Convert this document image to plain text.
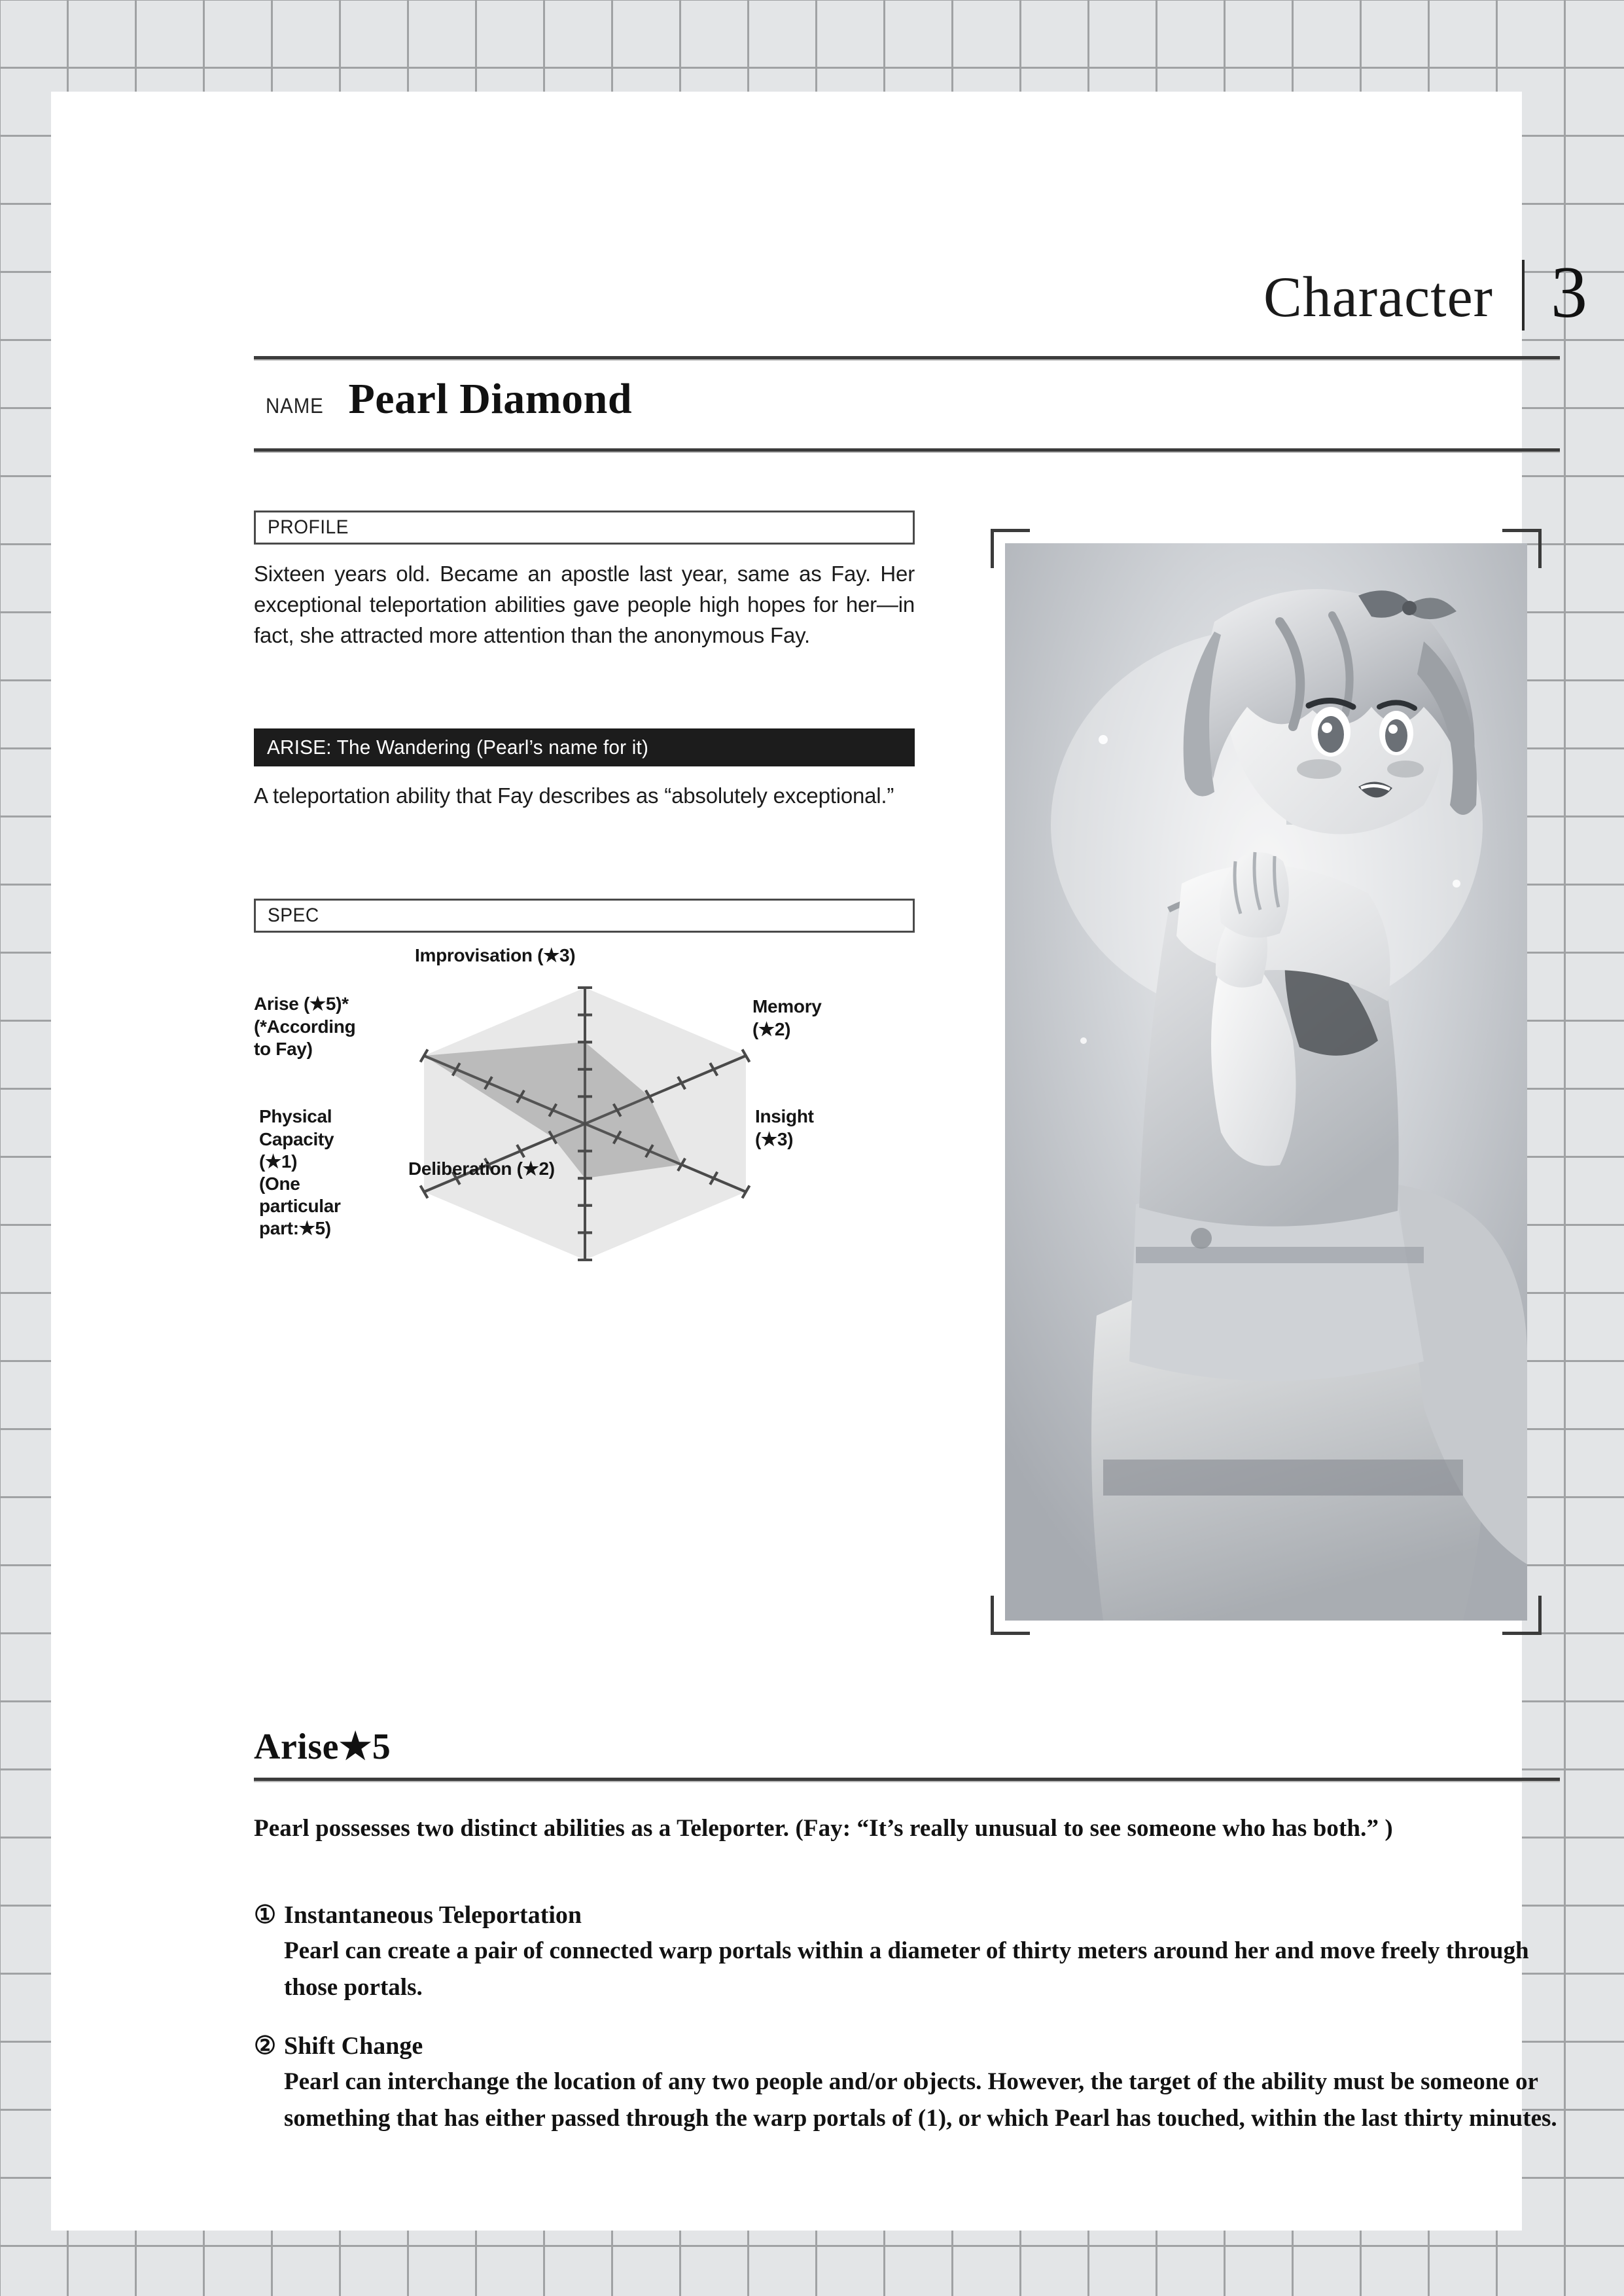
Character 3
NAME Pearl Diamond
PROFILE
Sixteen years old. Became an apostle last year, same as Fay. Her exceptional teleportation abilities gave people high hopes for her—in fact, she attracted more attention than the anonymous Fay.
ARISE: The Wandering (Pearl’s name for it)
A teleportation ability that Fay describes as “absolutely exceptional.”
SPEC
Improvisation (★3)
Memory
(★2)
Insight
(★3)
Deliberation (★2)
Physical
Capacity
(★1)
(One
particular
part:★5)
Arise (★5)*
(*According
to Fay)
Arise★5
Pearl possesses two distinct abilities as a Teleporter. (Fay: “It’s really unusual to see someone who has both.” )
① Instantaneous Teleportation
Pearl can create a pair of connected warp portals within a diameter of thirty meters around her and move freely through those portals.
② Shift Change
Pearl can interchange the location of any two people and/or objects. However, the target of the ability must be someone or something that has either passed through the warp portals of (1), or which Pearl has touched, within the last thirty minutes.
